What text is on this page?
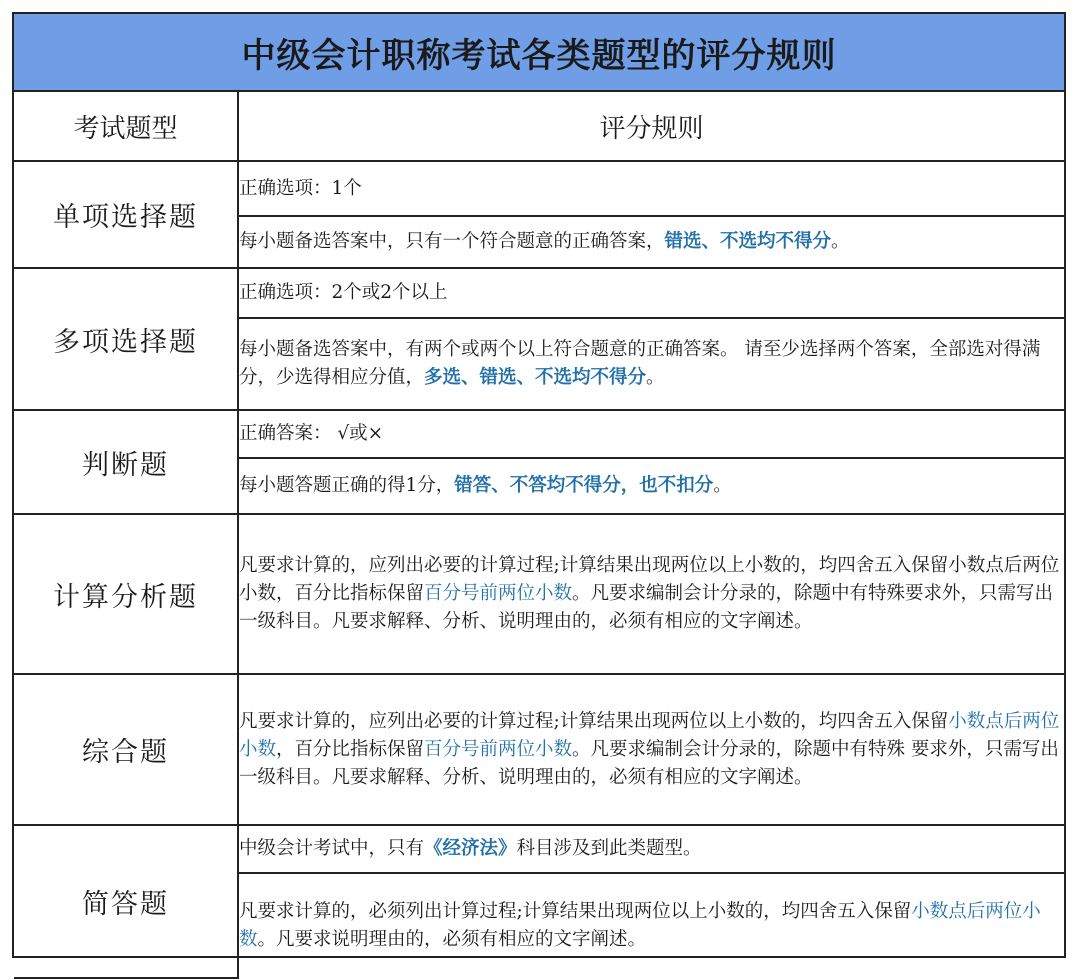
中级会计职称考试各类题型的评分规则
考试题型	评分规则
单项选择题	正确选项：1个
	每小题备选答案中，只有一个符合题意的正确答案，错选、不选均不得分。
多项选择题	正确选项：2个或2个以上
	每小题备选答案中，有两个或两个以上符合题意的正确答案。 请至少选择两个答案，全部选对得满分，少选得相应分值，多选、错选、不选均不得分。
判断题	正确答案： √或×
	每小题答题正确的得1分，错答、不答均不得分，也不扣分。
计算分析题	凡要求计算的，应列出必要的计算过程;计算结果出现两位以上小数的，均四舍五入保留小数点后两位小数，百分比指标保留百分号前两位小数。凡要求编制会计分录的，除题中有特殊要求外，只需写出一级科目。凡要求解释、分析、说明理由的，必须有相应的文字阐述。
综合题	凡要求计算的，应列出必要的计算过程;计算结果出现两位以上小数的，均四舍五入保留小数点后两位小数，百分比指标保留百分号前两位小数。凡要求编制会计分录的，除题中有特殊 要求外，只需写出一级科目。凡要求解释、分析、说明理由的，必须有相应的文字阐述。
简答题	中级会计考试中，只有《经济法》科目涉及到此类题型。
	凡要求计算的，必须列出计算过程;计算结果出现两位以上小数的，均四舍五入保留小数点后两位小数。凡要求说明理由的，必须有相应的文字阐述。
